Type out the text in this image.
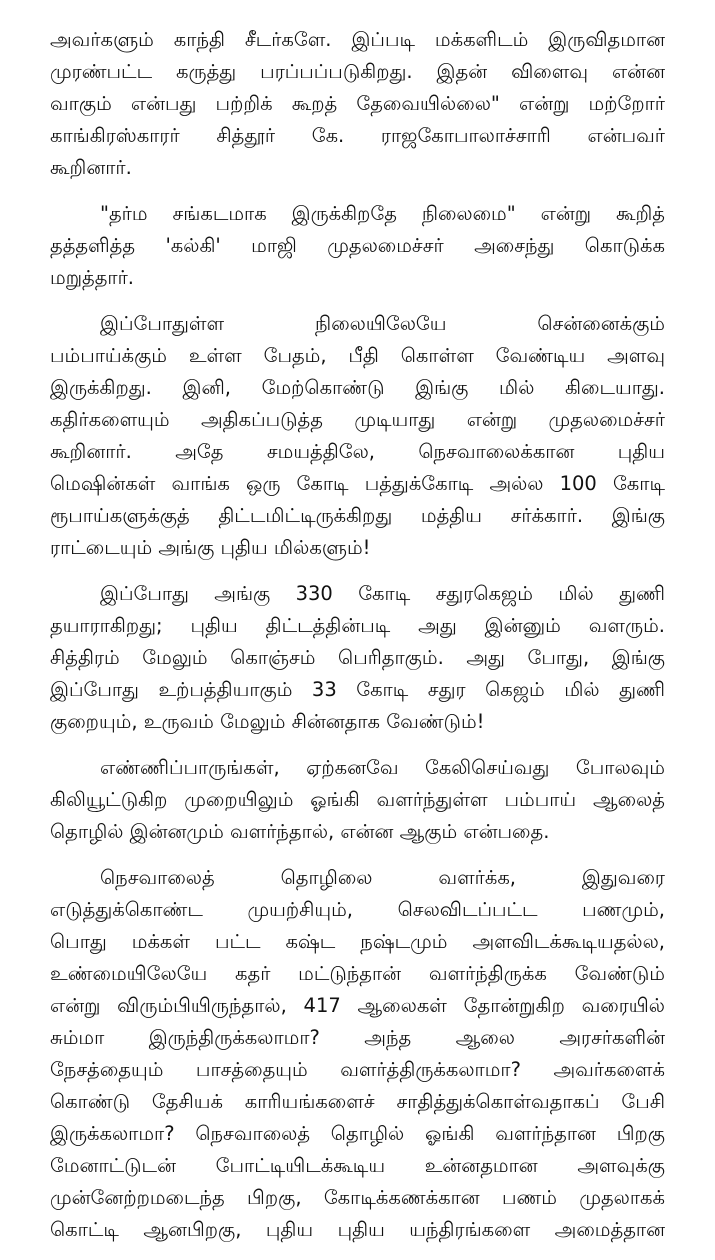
அவர்களும் காந்தி சீடர்களே. இப்படி மக்களிடம் இருவிதமான
முரண்பட்ட கருத்து பரப்பப்படுகிறது. இதன் விளைவு என்ன
வாகும் என்பது பற்றிக் கூறத் தேவையில்லை" என்று மற்றோர்
காங்கிரஸ்காரர் சித்தூர் கே. ராஜகோபாலாச்சாரி என்பவர்
கூறினார்.

"தர்ம சங்கடமாக இருக்கிறதே நிலைமை" என்று கூறித்
தத்தளித்த 'கல்கி' மாஜி முதலமைச்சர் அசைந்து கொடுக்க
மறுத்தார்.

இப்போதுள்ள நிலையிலேயே சென்னைக்கும்
பம்பாய்க்கும் உள்ள பேதம், பீதி கொள்ள வேண்டிய அளவு
இருக்கிறது. இனி, மேற்கொண்டு இங்கு மில் கிடையாது.
கதிர்களையும் அதிகப்படுத்த முடியாது என்று முதலமைச்சர்
கூறினார். அதே சமயத்திலே, நெசவாலைக்கான புதிய
மெஷின்கள் வாங்க ஒரு கோடி பத்துக்கோடி அல்ல 100 கோடி
ரூபாய்களுக்குத் திட்டமிட்டிருக்கிறது மத்திய சர்க்கார். இங்கு
ராட்டையும் அங்கு புதிய மில்களும்!

இப்போது அங்கு 330 கோடி சதுரகெஜம் மில் துணி
தயாராகிறது; புதிய திட்டத்தின்படி அது இன்னும் வளரும்.
சித்திரம் மேலும் கொஞ்சம் பெரிதாகும். அது போது, இங்கு
இப்போது உற்பத்தியாகும் 33 கோடி சதுர கெஜம் மில் துணி
குறையும், உருவம் மேலும் சின்னதாக வேண்டும்!

எண்ணிப்பாருங்கள், ஏற்கனவே கேலிசெய்வது போலவும்
கிலியூட்டுகிற முறையிலும் ஓங்கி வளர்ந்துள்ள பம்பாய் ஆலைத்
தொழில் இன்னமும் வளர்ந்தால், என்ன ஆகும் என்பதை.

நெசவாலைத் தொழிலை வளர்க்க, இதுவரை
எடுத்துக்கொண்ட முயற்சியும், செலவிடப்பட்ட பணமும்,
பொது மக்கள் பட்ட கஷ்ட நஷ்டமும் அளவிடக்கூடியதல்ல,
உண்மையிலேயே கதர் மட்டுந்தான் வளர்ந்திருக்க வேண்டும்
என்று விரும்பியிருந்தால், 417 ஆலைகள் தோன்றுகிற வரையில்
சும்மா இருந்திருக்கலாமா? அந்த ஆலை அரசர்களின்
நேசத்தையும் பாசத்தையும் வளர்த்திருக்கலாமா? அவர்களைக்
கொண்டு தேசியக் காரியங்களைச் சாதித்துக்கொள்வதாகப் பேசி
இருக்கலாமா? நெசவாலைத் தொழில் ஓங்கி வளர்ந்தான பிறகு
மேனாட்டுடன் போட்டியிடக்கூடிய உன்னதமான அளவுக்கு
முன்னேற்றமடைந்த பிறகு, கோடிக்கணக்கான பணம் முதலாகக்
கொட்டி ஆனபிறகு, புதிய புதிய யந்திரங்களை அமைத்தான
